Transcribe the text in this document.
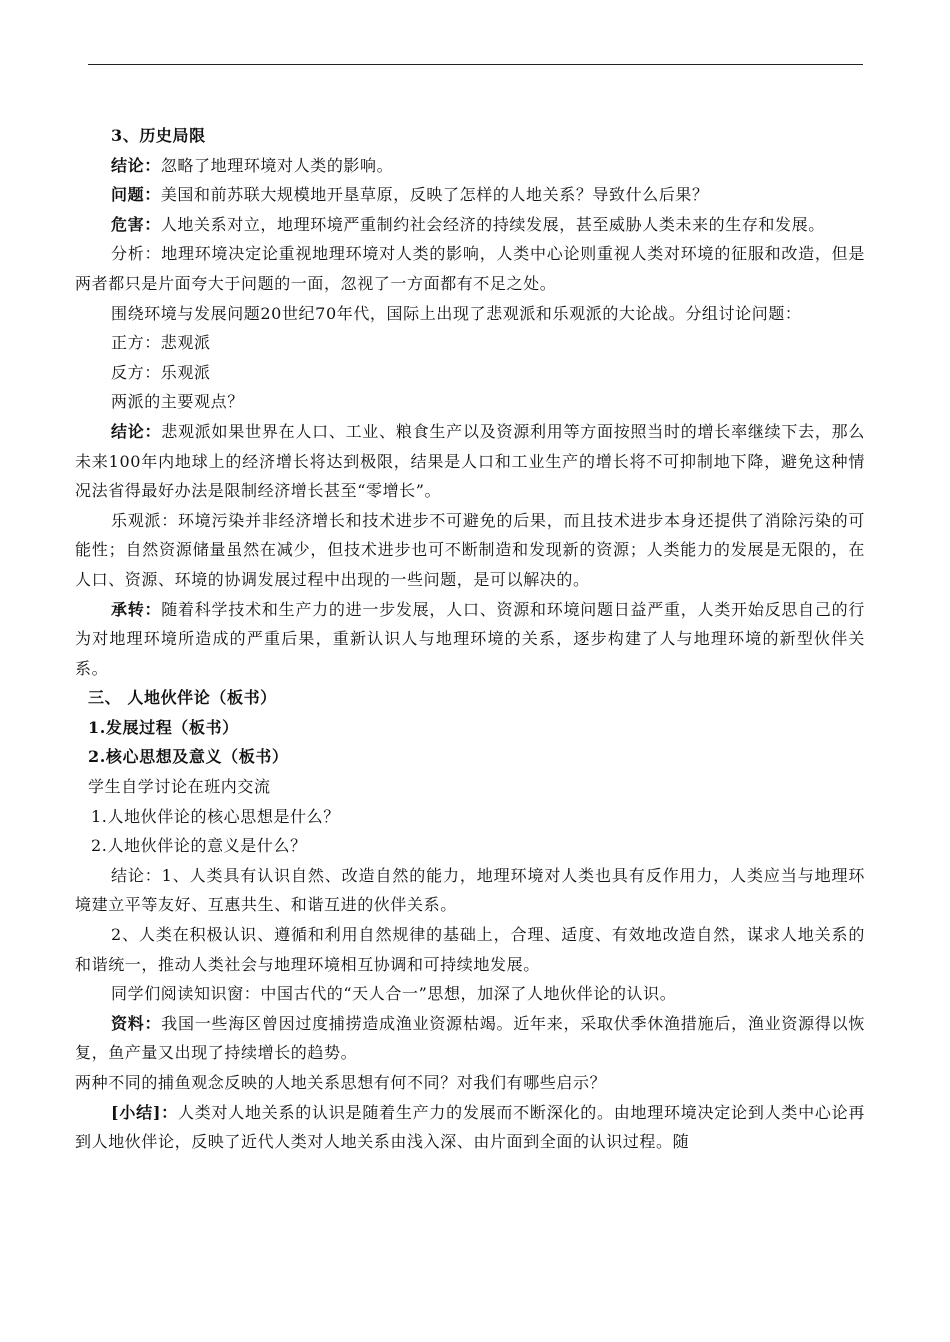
3、历史局限

结论：忽略了地理环境对人类的影响。

问题：美国和前苏联大规模地开垦草原，反映了怎样的人地关系？导致什么后果？

危害：人地关系对立，地理环境严重制约社会经济的持续发展，甚至威胁人类未来的生存和发展。

分析：地理环境决定论重视地理环境对人类的影响，人类中心论则重视人类对环境的征服和改造，但是两者都只是片面夸大于问题的一面，忽视了一方面都有不足之处。

围绕环境与发展问题20世纪70年代，国际上出现了悲观派和乐观派的大论战。分组讨论问题：

正方：悲观派

反方：乐观派

两派的主要观点？

结论：悲观派如果世界在人口、工业、粮食生产以及资源利用等方面按照当时的增长率继续下去，那么未来100年内地球上的经济增长将达到极限，结果是人口和工业生产的增长将不可抑制地下降，避免这种情况法省得最好办法是限制经济增长甚至“零增长”。

乐观派：环境污染并非经济增长和技术进步不可避免的后果，而且技术进步本身还提供了消除污染的可能性；自然资源储量虽然在减少，但技术进步也可不断制造和发现新的资源；人类能力的发展是无限的，在人口、资源、环境的协调发展过程中出现的一些问题，是可以解决的。

承转：随着科学技术和生产力的进一步发展，人口、资源和环境问题日益严重，人类开始反思自己的行为对地理环境所造成的严重后果，重新认识人与地理环境的关系，逐步构建了人与地理环境的新型伙伴关系。

三、 人地伙伴论（板书）

1.发展过程（板书）

2.核心思想及意义（板书）

学生自学讨论在班内交流

1.人地伙伴论的核心思想是什么？

2.人地伙伴论的意义是什么？

结论：1、人类具有认识自然、改造自然的能力，地理环境对人类也具有反作用力，人类应当与地理环境建立平等友好、互惠共生、和谐互进的伙伴关系。

2、人类在积极认识、遵循和利用自然规律的基础上，合理、适度、有效地改造自然，谋求人地关系的和谐统一，推动人类社会与地理环境相互协调和可持续地发展。

同学们阅读知识窗：中国古代的“天人合一”思想，加深了人地伙伴论的认识。

资料：我国一些海区曾因过度捕捞造成渔业资源枯竭。近年来，采取伏季休渔措施后，渔业资源得以恢复，鱼产量又出现了持续增长的趋势。

两种不同的捕鱼观念反映的人地关系思想有何不同？对我们有哪些启示？

[小结]：人类对人地关系的认识是随着生产力的发展而不断深化的。由地理环境决定论到人类中心论再到人地伙伴论，反映了近代人类对人地关系由浅入深、由片面到全面的认识过程。随
